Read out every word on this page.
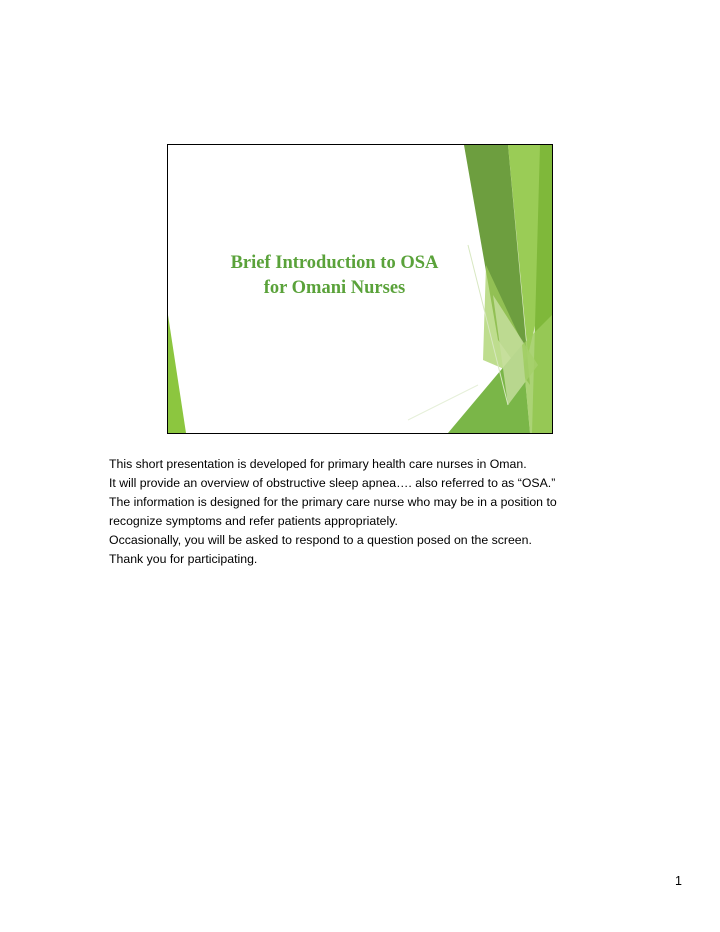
Brief Introduction to OSA
for Omani Nurses

This short presentation is developed for primary health care nurses in Oman.

It will provide an overview of obstructive sleep apnea…. also referred to as “OSA.”

The information is designed for the primary care nurse who may be in a position to recognize symptoms and refer patients appropriately.

Occasionally, you will be asked to respond to a question posed on the screen.

Thank you for participating.

1
